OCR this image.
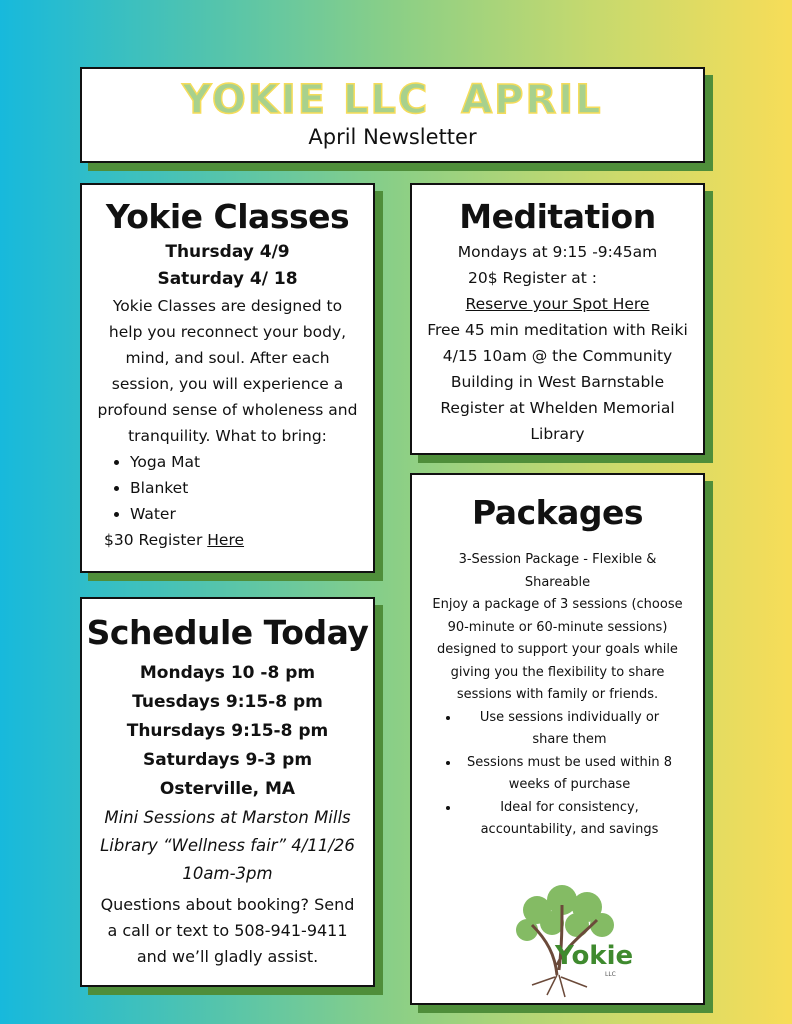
YOKIE LLC  APRIL
April Newsletter
Yokie Classes
Thursday 4/9
Saturday 4/ 18
Yokie Classes are designed to help you reconnect your body, mind, and soul. After each session, you will experience a profound sense of wholeness and tranquility. What to bring:
• Yoga Mat
• Blanket
• Water
$30 Register Here
Schedule Today
Mondays 10 -8 pm
Tuesdays 9:15-8 pm
Thursdays 9:15-8 pm
Saturdays 9-3 pm
Osterville, MA
Mini Sessions at Marston Mills Library “Wellness fair” 4/11/26 10am-3pm
Questions about booking? Send a call or text to 508-941-9411 and we’ll gladly assist.
Meditation
Mondays at 9:15 -9:45am
20$ Register at :
Reserve your Spot Here
Free 45 min meditation with Reiki 4/15 10am @ the Community Building in West Barnstable Register at Whelden Memorial Library
Packages
3-Session Package - Flexible & Shareable
Enjoy a package of 3 sessions (choose 90-minute or 60-minute sessions) designed to support your goals while giving you the flexibility to share sessions with family or friends.
• Use sessions individually or share them
• Sessions must be used within 8 weeks of purchase
• Ideal for consistency, accountability, and savings
Yokie
LLC
